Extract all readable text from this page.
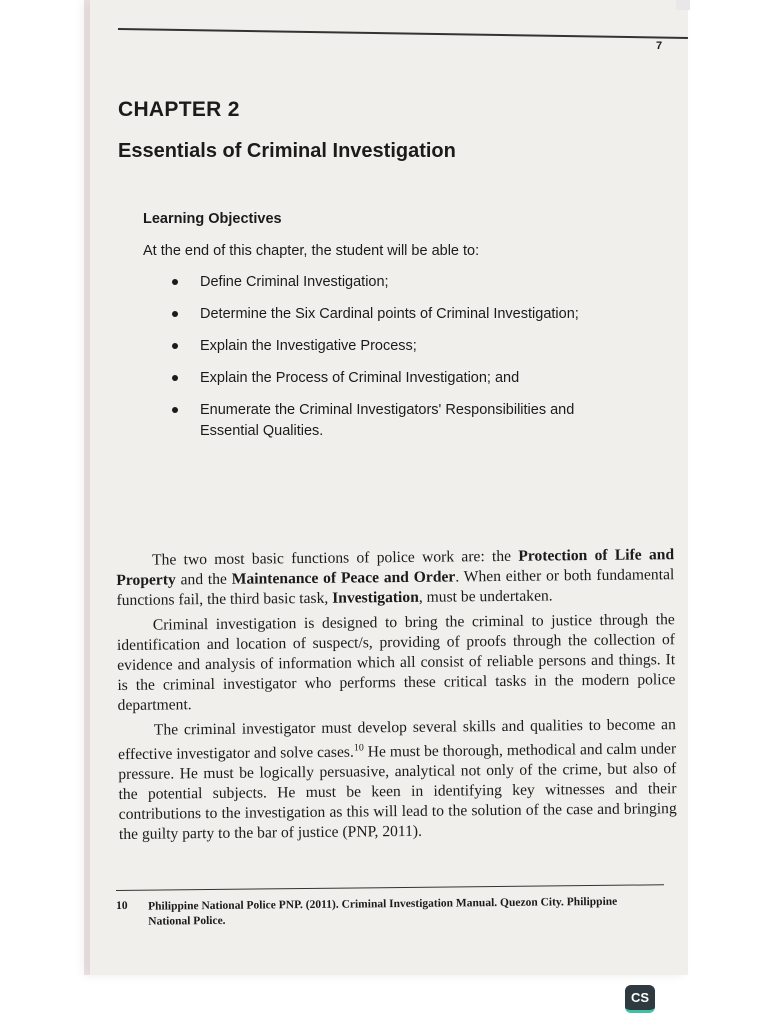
7
CHAPTER 2
Essentials of Criminal Investigation
Learning Objectives
At the end of this chapter, the student will be able to:
Define Criminal Investigation;
Determine the Six Cardinal points of Criminal Investigation;
Explain the Investigative Process;
Explain the Process of Criminal Investigation; and
Enumerate the Criminal Investigators' Responsibilities and Essential Qualities.

The two most basic functions of police work are: the Protection of Life and Property and the Maintenance of Peace and Order. When either or both fundamental functions fail, the third basic task, Investigation, must be undertaken.

Criminal investigation is designed to bring the criminal to justice through the identification and location of suspect/s, providing of proofs through the collection of evidence and analysis of information which all consist of reliable persons and things. It is the criminal investigator who performs these critical tasks in the modern police department.

The criminal investigator must develop several skills and qualities to become an effective investigator and solve cases.$^{10}$ He must be thorough, methodical and calm under pressure. He must be logically persuasive, analytical not only of the crime, but also of the potential subjects. He must be keen in identifying key witnesses and their contributions to the investigation as this will lead to the solution of the case and bringing the guilty party to the bar of justice (PNP, 2011).

10 Philippine National Police PNP. (2011). Criminal Investigation Manual. Quezon City. Philippine National Police.
CS
